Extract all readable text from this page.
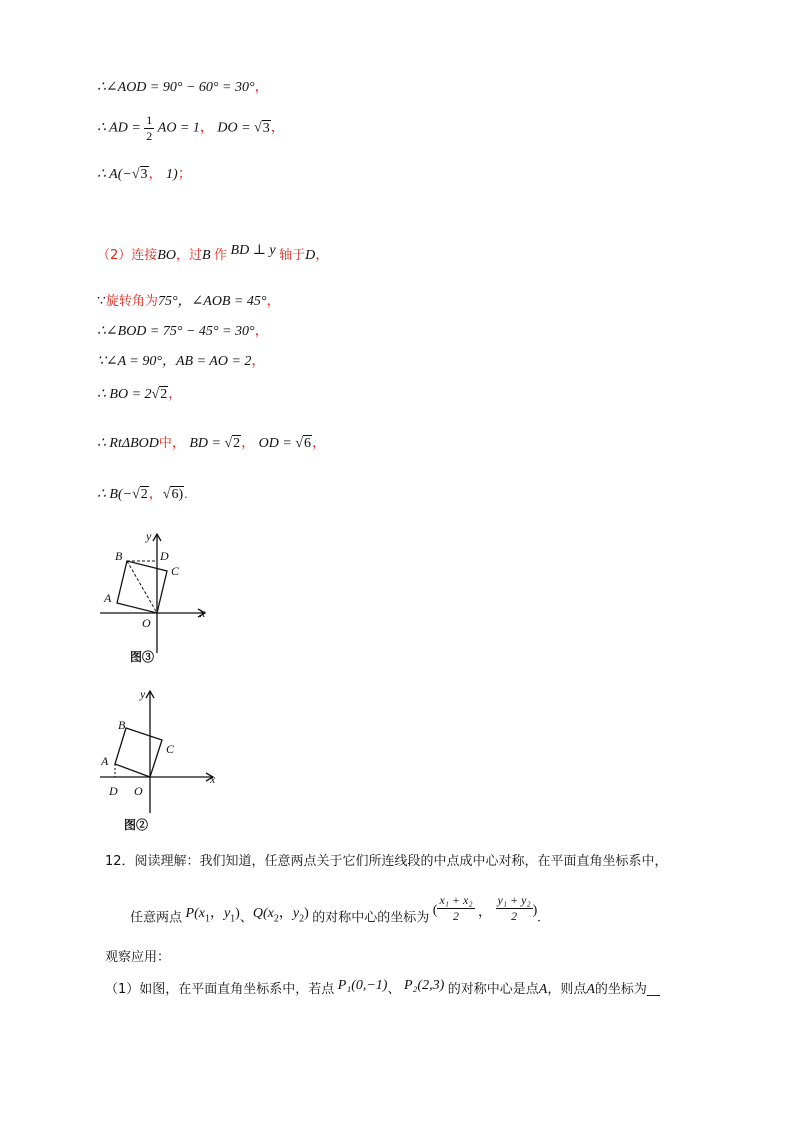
∴∠AOD = 90° − 60° = 30°，
∴ AD = $\frac{1}{2}$ AO = 1， DO = √3，
∴ A(−√3， 1)；
（2）连接BO，过B 作 BD ⊥ y 轴于D，
∵旋转角为75°，∠AOB = 45°，
∴∠BOD = 75° − 45° = 30°，
∵∠A = 90°，AB = AO = 2，
∴ BO = 2√2，
∴ RtΔBOD中， BD = √2， OD = √6，
∴ B(−√2，√6).
y
B	D
C
A
O
x
图③
y
B
C
A
D O
x
图②
12．阅读理解：我们知道，任意两点关于它们所连线段的中点成中心对称，在平面直角坐标系中，
任意两点 P(x1，y1)、Q(x2，y2) 的对称中心的坐标为 ( $\frac{\text{x₁ + x₂}}{2}$ ， $\frac{\text{y₁ + y₂}}{2}$ ).
观察应用：
（1）如图，在平面直角坐标系中，若点 P₁(0,−1)、 P₂(2,3) 的对称中心是点A，则点A的坐标为__
